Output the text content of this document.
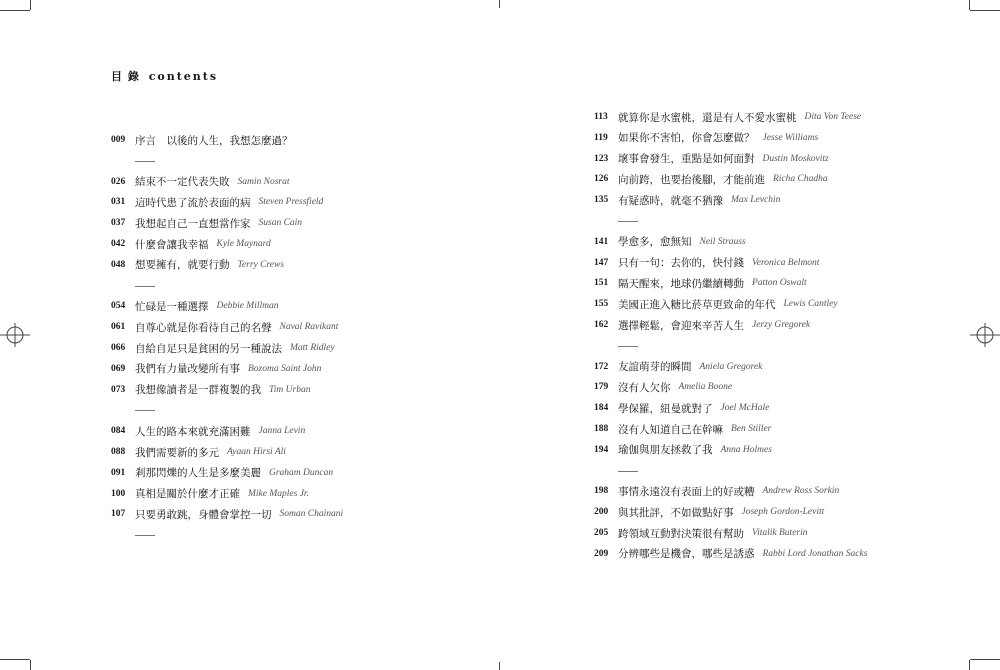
目 錄 contents
009 序言　以後的人生，我想怎麼過？
026 結束不一定代表失敗 Samin Nosrat
031 這時代患了流於表面的病 Steven Pressfield
037 我想起自己一直想當作家 Susan Cain
042 什麼會讓我幸福 Kyle Maynard
048 想要擁有，就要行動 Terry Crews
054 忙碌是一種選擇 Debbie Millman
061 自尊心就是你看待自己的名聲 Naval Ravikant
066 自給自足只是貧困的另一種說法 Matt Ridley
069 我們有力量改變所有事 Bozoma Saint John
073 我想像讀者是一群複製的我 Tim Urban
084 人生的路本來就充滿困難 Janna Levin
088 我們需要新的多元 Ayaan Hirsi Ali
091 剎那閃爍的人生是多麼美麗 Graham Duncan
100 真相是關於什麼才正確 Mike Maples Jr.
107 只要勇敢跳，身體會掌控一切 Soman Chainani
113 就算你是水蜜桃，還是有人不愛水蜜桃 Dita Von Teese
119 如果你不害怕，你會怎麼做？ Jesse Williams
123 壞事會發生，重點是如何面對 Dustin Moskovitz
126 向前跨，也要抬後腳，才能前進 Richa Chadha
135 有疑惑時，就毫不猶豫 Max Levchin
141 學愈多，愈無知 Neil Strauss
147 只有一句：去你的，快付錢 Veronica Belmont
151 隔天醒來，地球仍繼續轉動 Patton Oswalt
155 美國正進入糖比菸草更致命的年代 Lewis Cantley
162 選擇輕鬆，會迎來辛苦人生 Jerzy Gregorek
172 友誼萌芽的瞬間 Aniela Gregorek
179 沒有人欠你 Amelia Boone
184 學保羅，紐曼就對了 Joel McHale
188 沒有人知道自己在幹嘛 Ben Stiller
194 瑜伽與朋友拯救了我 Anna Holmes
198 事情永遠沒有表面上的好或糟 Andrew Ross Sorkin
200 與其批評，不如做點好事 Joseph Gordon-Levitt
205 跨領域互動對決策很有幫助 Vitalik Buterin
209 分辨哪些是機會，哪些是誘惑 Rabbi Lord Jonathan Sacks
